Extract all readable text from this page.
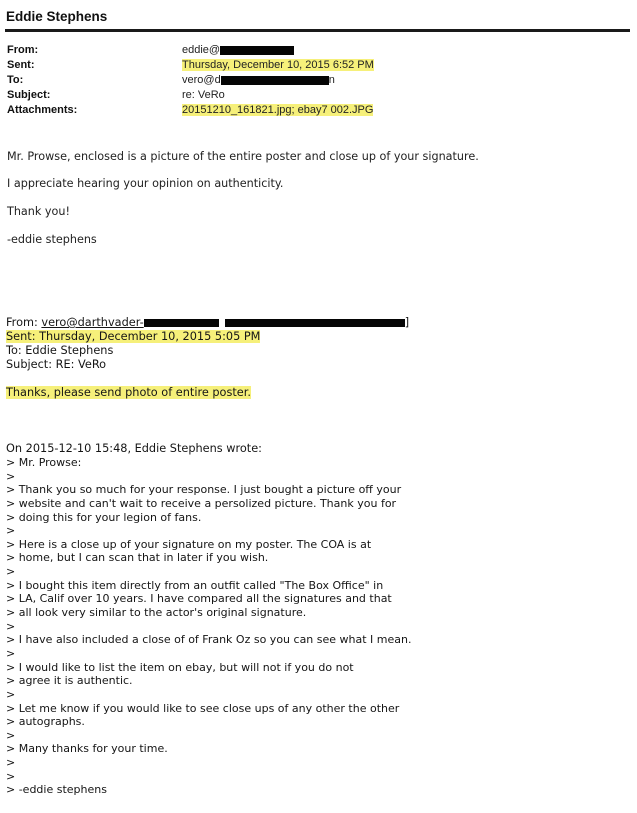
Eddie Stephens
From:	eddie@
Sent:	Thursday, December 10, 2015 6:52 PM
To:	vero@d	n
Subject:	re: VeRo
Attachments:	20151210_161821.jpg; ebay7 002.JPG
Mr. Prowse, enclosed is a picture of the entire poster and close up of your signature.
I appreciate hearing your opinion on authenticity.
Thank you!
-eddie stephens
From: vero@darthvader-	]
Sent: Thursday, December 10, 2015 5:05 PM
To: Eddie Stephens
Subject: RE: VeRo
Thanks, please send photo of entire poster.
On 2015-12-10 15:48, Eddie Stephens wrote:
> Mr. Prowse:
>
> Thank you so much for your response. I just bought a picture off your
> website and can't wait to receive a persolized picture. Thank you for
> doing this for your legion of fans.
>
> Here is a close up of your signature on my poster. The COA is at
> home, but I can scan that in later if you wish.
>
> I bought this item directly from an outfit called "The Box Office" in
> LA, Calif over 10 years. I have compared all the signatures and that
> all look very similar to the actor's original signature.
>
> I have also included a close of of Frank Oz so you can see what I mean.
>
> I would like to list the item on ebay, but will not if you do not
> agree it is authentic.
>
> Let me know if you would like to see close ups of any other the other
> autographs.
>
> Many thanks for your time.
>
>
> -eddie stephens
